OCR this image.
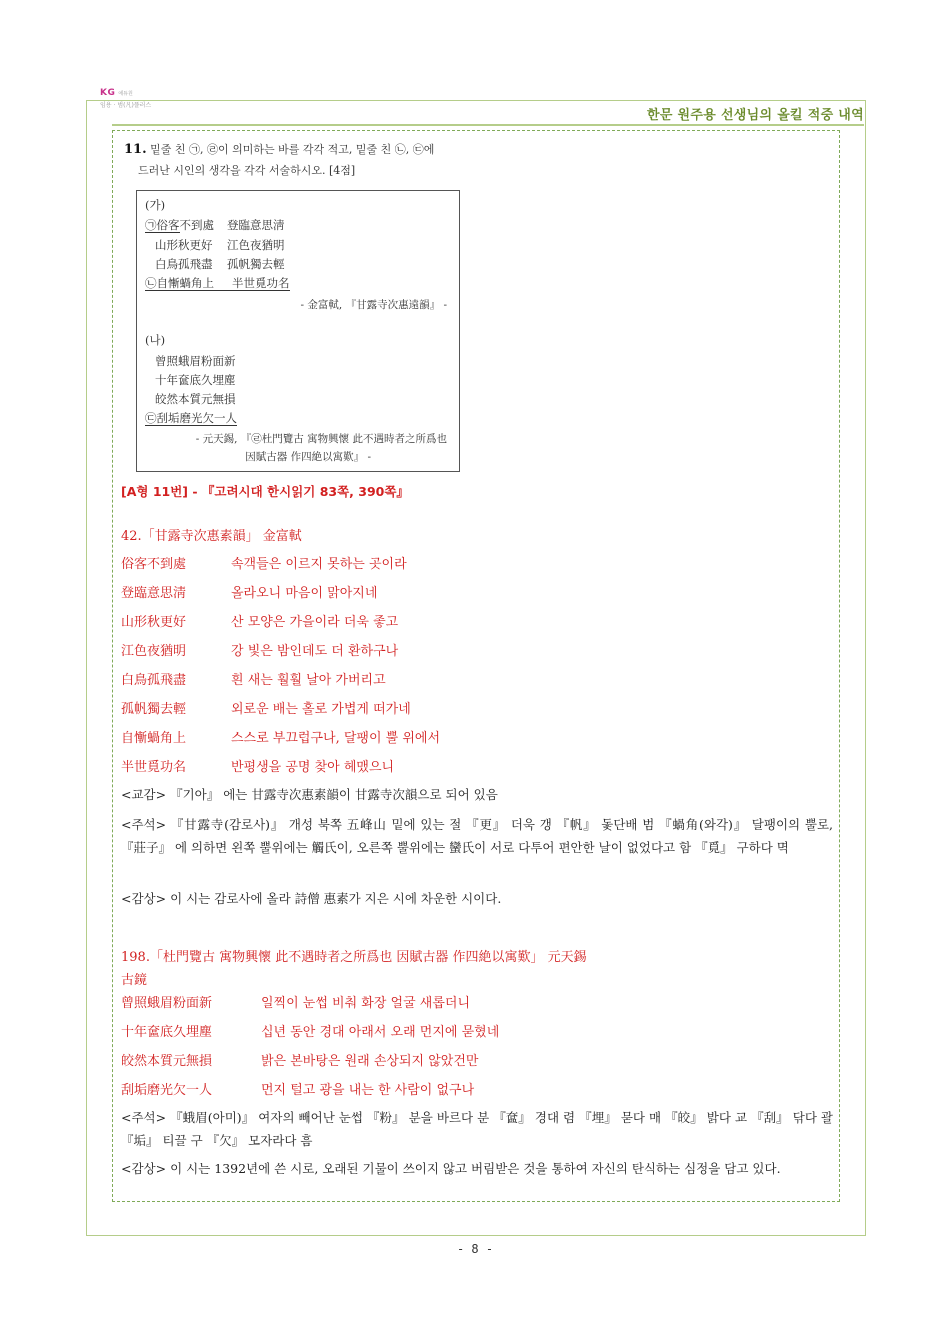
KG 에듀원
임용 · 범(凡)플러스
한문 원주용 선생님의 올킬 적중 내역
11. 밑줄 친 ㉠, ㉣이 의미하는 바를 각각 적고, 밑줄 친 ㉡, ㉢에
드러난 시인의 생각을 각각 서술하시오. [4점]
(가)
㉠俗客不到處 登臨意思淸
山形秋更好 江色夜猶明
白鳥孤飛盡 孤帆獨去輕
㉡自慚蝸角上 半世覓功名
- 金富軾, 『甘露寺次惠遠韻』 -
(나)
曾照蛾眉粉面新
十年奩底久埋塵
皎然本質元無損
㉢刮垢磨光欠一人
- 元天錫, 『㉣杜門覽古 寓物興懷 此不遇時者之所爲也
因賦古器 作四絶以寓歎』 -
[A형 11번] - 『고려시대 한시읽기 83쪽, 390쪽』
42.「甘露寺次惠素韻」 金富軾
俗客不到處	속객들은 이르지 못하는 곳이라
登臨意思淸	올라오니 마음이 맑아지네
山形秋更好	산 모양은 가을이라 더욱 좋고
江色夜猶明	강 빛은 밤인데도 더 환하구나
白鳥孤飛盡	흰 새는 훨훨 날아 가버리고
孤帆獨去輕	외로운 배는 홀로 가볍게 떠가네
自慚蝸角上	스스로 부끄럽구나, 달팽이 뿔 위에서
半世覓功名	반평생을 공명 찾아 헤맸으니
<교감> 『기아』 에는 甘露寺次惠素韻이 甘露寺次韻으로 되어 있음
<주석> 『甘露寺(감로사)』 개성 북쪽 五峰山 밑에 있는 절 『更』 더욱 갱 『帆』 돛단배 범 『蝸角(와각)』 달팽이의 뿔로, 『莊子』 에 의하면 왼쪽 뿔위에는 觸氏이, 오른쪽 뿔위에는 蠻氏이 서로 다투어 편안한 날이 없었다고 함 『覓』 구하다 멱
<감상> 이 시는 감로사에 올라 詩僧 惠素가 지은 시에 차운한 시이다.
198.「杜門覽古 寓物興懷 此不遇時者之所爲也 因賦古器 作四絶以寓歎」 元天錫
古鏡
曾照蛾眉粉面新	일찍이 눈썹 비춰 화장 얼굴 새롭더니
十年奩底久埋塵	십년 동안 경대 아래서 오래 먼지에 묻혔네
皎然本質元無損	밝은 본바탕은 원래 손상되지 않았건만
刮垢磨光欠一人	먼지 털고 광을 내는 한 사람이 없구나
<주석> 『蛾眉(아미)』 여자의 빼어난 눈썹 『粉』 분을 바르다 분 『奩』 경대 렴 『埋』 묻다 매 『皎』 밝다 교 『刮』 닦다 괄 『垢』 티끌 구 『欠』 모자라다 흠
<감상> 이 시는 1392년에 쓴 시로, 오래된 기물이 쓰이지 않고 버림받은 것을 통하여 자신의 탄식하는 심정을 담고 있다.
- 8 -
